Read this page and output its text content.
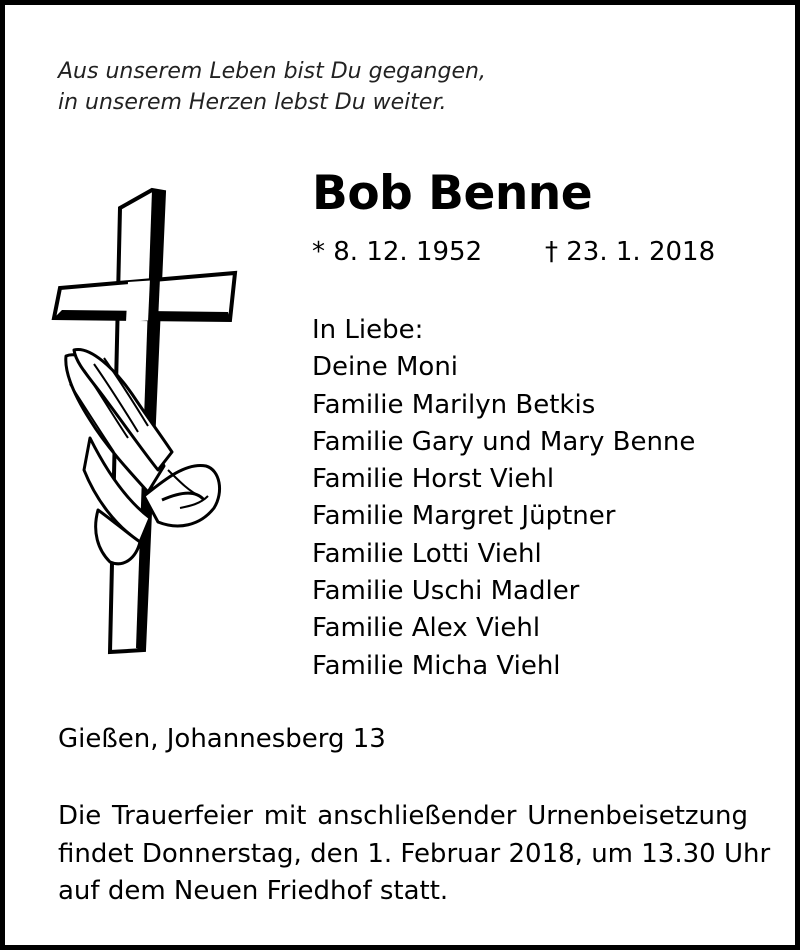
Aus unserem Leben bist Du gegangen,
in unserem Herzen lebst Du weiter.
Bob Benne
* 8. 12. 1952 † 23. 1. 2018
In Liebe:
Deine Moni
Familie Marilyn Betkis
Familie Gary und Mary Benne
Familie Horst Viehl
Familie Margret Jüptner
Familie Lotti Viehl
Familie Uschi Madler
Familie Alex Viehl
Familie Micha Viehl
Gießen, Johannesberg 13
Die Trauerfeier mit anschließender Urnenbeisetzung
findet Donnerstag, den 1. Februar 2018, um 13.30 Uhr
auf dem Neuen Friedhof statt.
